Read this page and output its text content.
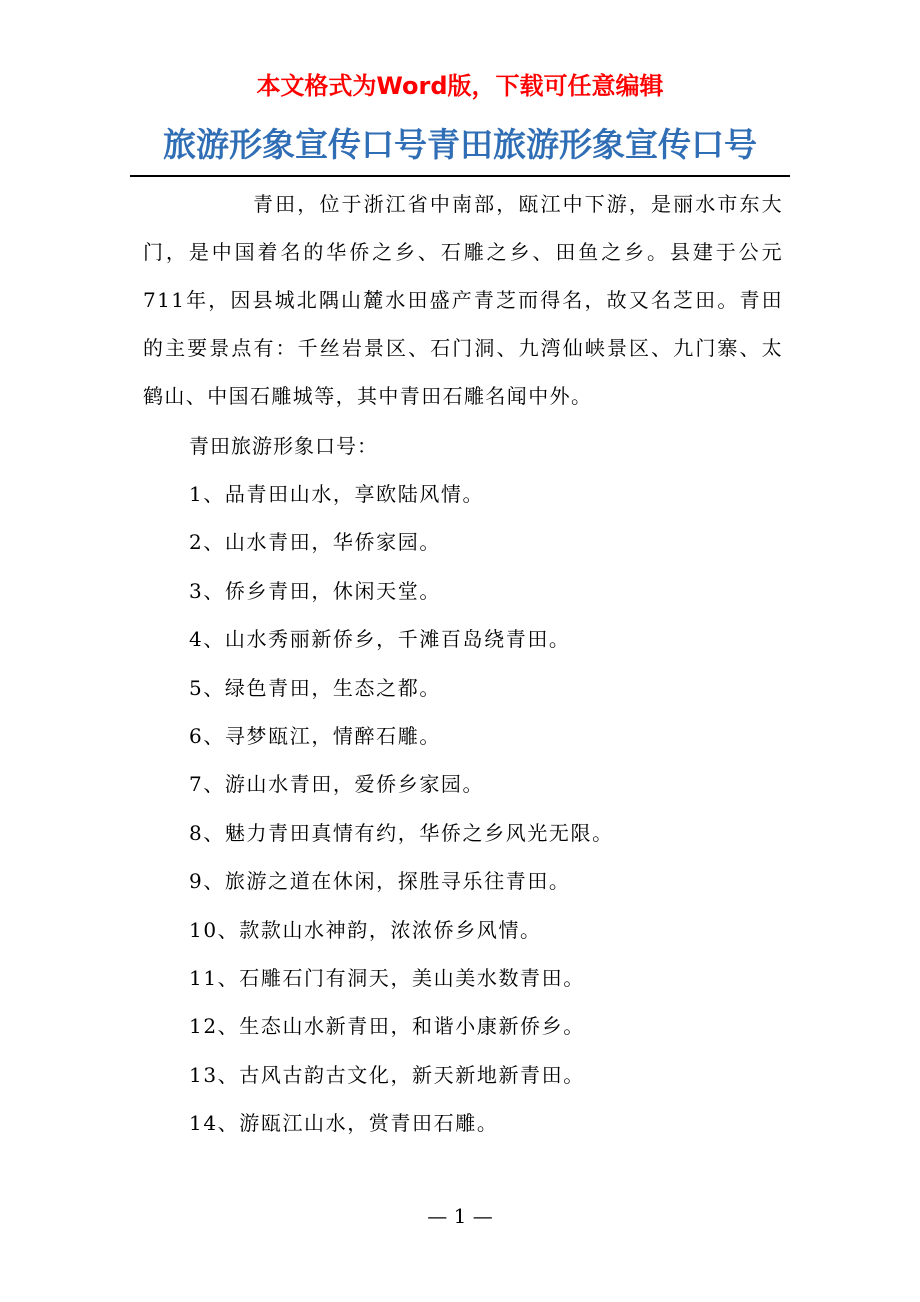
本文格式为Word版，下载可任意编辑
旅游形象宣传口号青田旅游形象宣传口号

青田，位于浙江省中南部，瓯江中下游，是丽水市东大门，是中国着名的华侨之乡、石雕之乡、田鱼之乡。县建于公元711年，因县城北隅山麓水田盛产青芝而得名，故又名芝田。青田的主要景点有：千丝岩景区、石门洞、九湾仙峡景区、九门寨、太鹤山、中国石雕城等，其中青田石雕名闻中外。

青田旅游形象口号：

1、品青田山水，享欧陆风情。
2、山水青田，华侨家园。
3、侨乡青田，休闲天堂。
4、山水秀丽新侨乡，千滩百岛绕青田。
5、绿色青田，生态之都。
6、寻梦瓯江，情醉石雕。
7、游山水青田，爱侨乡家园。
8、魅力青田真情有约，华侨之乡风光无限。
9、旅游之道在休闲，探胜寻乐往青田。
10、款款山水神韵，浓浓侨乡风情。
11、石雕石门有洞天，美山美水数青田。
12、生态山水新青田，和谐小康新侨乡。
13、古风古韵古文化，新天新地新青田。
14、游瓯江山水，赏青田石雕。
— 1 —
